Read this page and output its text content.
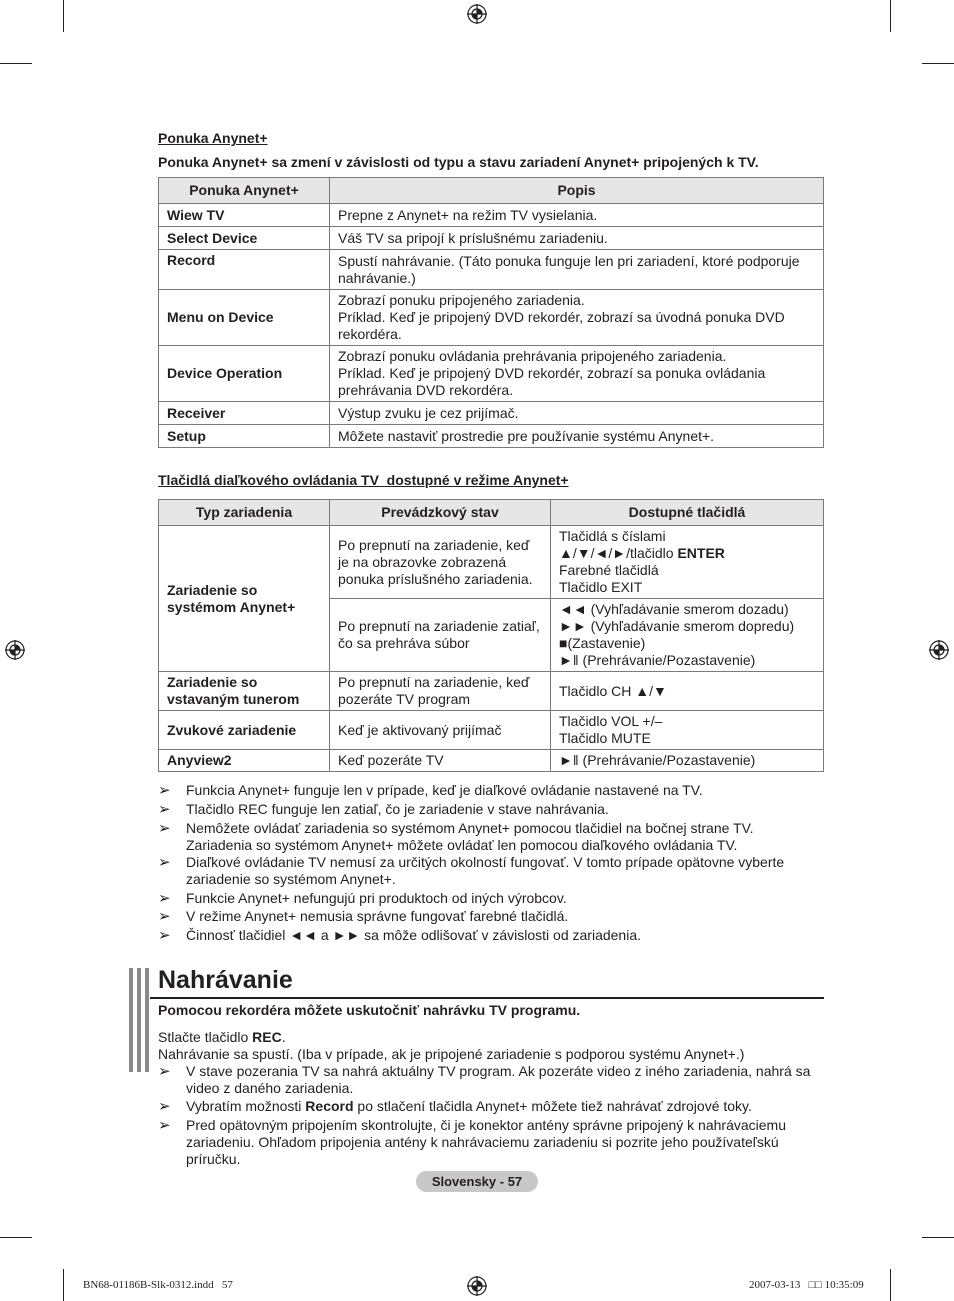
Ponuka Anynet+
Ponuka Anynet+ sa zmení v závislosti od typu a stavu zariadení Anynet+ pripojených k TV.
Ponuka Anynet+	Popis
Wiew TV	Prepne z Anynet+ na režim TV vysielania.
Select Device	Váš TV sa pripojí k príslušnému zariadeniu.
Record	Spustí nahrávanie. (Táto ponuka funguje len pri zariadení, ktoré podporuje
nahrávanie.)

Menu on Device	Zobrazí ponuku pripojeného zariadenia.
Príklad. Keď je pripojený DVD rekordér, zobrazí sa úvodná ponuka DVD
rekordéra.

Device Operation	Zobrazí ponuku ovládania prehrávania pripojeného zariadenia.
Príklad. Keď je pripojený DVD rekordér, zobrazí sa ponuka ovládania
prehrávania DVD rekordéra.

Receiver	Výstup zvuku je cez prijímač.
Setup	Môžete nastaviť prostredie pre používanie systému Anynet+.
Tlačidlá diaľkového ovládania TV  dostupné v režime Anynet+
Typ zariadenia	Prevádzkový stav	Dostupné tlačidlá
Zariadenie so systémom Anynet+	Po prepnutí na zariadenie, keď je na obrazovke zobrazená ponuka príslušného zariadenia.	Tlačidlá s číslami
▲/▼/◄/►/tlačidlo ENTER
Farebné tlačidlá
Tlačidlo EXIT

	Po prepnutí na zariadenie zatiaľ, čo sa prehráva súbor	◄◄ (Vyhľadávanie smerom dozadu)
►► (Vyhľadávanie smerom dopredu)
■(Zastavenie)
►‖ (Prehrávanie/Pozastavenie)

Zariadenie so vstavaným tunerom	Po prepnutí na zariadenie, keď pozeráte TV program	Tlačidlo CH ▲/▼
Zvukové zariadenie	Keď je aktivovaný prijímač	Tlačidlo VOL +/–
Tlačidlo MUTE

Anyview2	Keď pozeráte TV	►‖ (Prehrávanie/Pozastavenie)
➢ Funkcia Anynet+ funguje len v prípade, keď je diaľkové ovládanie nastavené na TV.
➢ Tlačidlo REC funguje len zatiaľ, čo je zariadenie v stave nahrávania.
➢ Nemôžete ovládať zariadenia so systémom Anynet+ pomocou tlačidiel na bočnej strane TV.
Zariadenia so systémom Anynet+ môžete ovládať len pomocou diaľkového ovládania TV.
➢ Diaľkové ovládanie TV nemusí za určitých okolností fungovať. V tomto prípade opätovne vyberte
zariadenie so systémom Anynet+.
➢ Funkcie Anynet+ nefungujú pri produktoch od iných výrobcov.
➢ V režime Anynet+ nemusia správne fungovať farebné tlačidlá.
➢ Činnosť tlačidiel ◄◄ a ►► sa môže odlišovať v závislosti od zariadenia.
Nahrávanie
Pomocou rekordéra môžete uskutočniť nahrávku TV programu.
Stlačte tlačidlo REC.
Nahrávanie sa spustí. (Iba v prípade, ak je pripojené zariadenie s podporou systému Anynet+.)
➢ V stave pozerania TV sa nahrá aktuálny TV program. Ak pozeráte video z iného zariadenia, nahrá sa
video z daného zariadenia.
➢ Vybratím možnosti Record po stlačení tlačidla Anynet+ môžete tiež nahrávať zdrojové toky.
➢ Pred opätovným pripojením skontrolujte, či je konektor antény správne pripojený k nahrávaciemu
zariadeniu. Ohľadom pripojenia antény k nahrávaciemu zariadeniu si pozrite jeho používateľskú
príručku.
Slovensky - 57
BN68-01186B-Slk-0312.indd   57	2007-03-13   □□ 10:35:09
